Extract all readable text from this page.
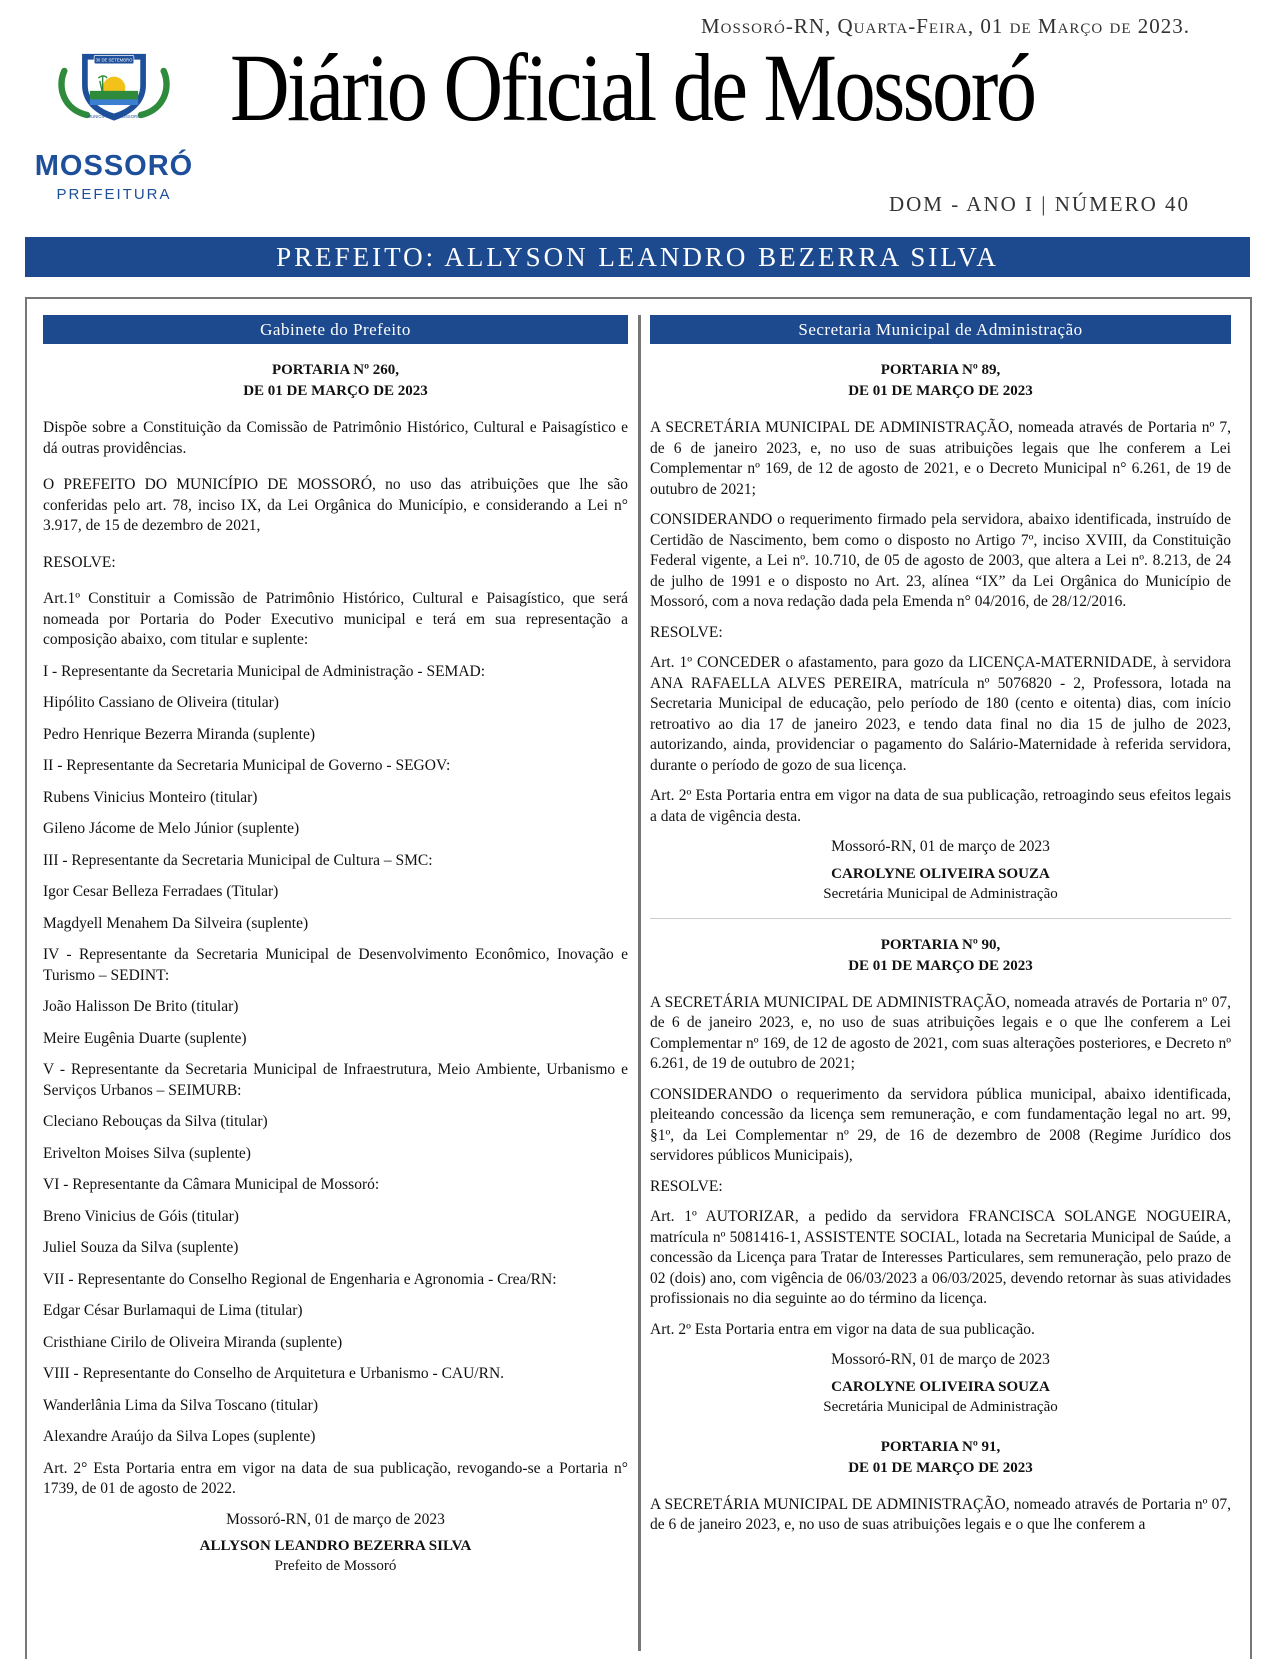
Mossoró-RN, Quarta-Feira, 01 de Março de 2023.
30 DE SETEMBRO
MUNICÍPIO DE MOSSORÓ
MOSSORÓ
PREFEITURA
Diário Oficial de Mossoró
DOM - ANO I | NÚMERO 40
PREFEITO: ALLYSON LEANDRO BEZERRA SILVA
Gabinete do Prefeito
PORTARIA Nº 260,
DE 01 DE MARÇO DE 2023

Dispõe sobre a Constituição da Comissão de Patrimônio Histórico, Cultural e Paisagístico e dá outras providências.

O PREFEITO DO MUNICÍPIO DE MOSSORÓ, no uso das atribuições que lhe são conferidas pelo art. 78, inciso IX, da Lei Orgânica do Município, e considerando a Lei n° 3.917, de 15 de dezembro de 2021,

RESOLVE:

Art.1º Constituir a Comissão de Patrimônio Histórico, Cultural e Paisagístico, que será nomeada por Portaria do Poder Executivo municipal e terá em sua representação a composição abaixo, com titular e suplente:

I - Representante da Secretaria Municipal de Administração - SEMAD:

Hipólito Cassiano de Oliveira (titular)

Pedro Henrique Bezerra Miranda (suplente)

II - Representante da Secretaria Municipal de Governo - SEGOV:

Rubens Vinicius Monteiro (titular)

Gileno Jácome de Melo Júnior (suplente)

III - Representante da Secretaria Municipal de Cultura – SMC:

Igor Cesar Belleza Ferradaes (Titular)

Magdyell Menahem Da Silveira (suplente)

IV - Representante da Secretaria Municipal de Desenvolvimento Econômico, Inovação e Turismo – SEDINT:

João Halisson De Brito (titular)

Meire Eugênia Duarte (suplente)

V - Representante da Secretaria Municipal de Infraestrutura, Meio Ambiente, Urbanismo e Serviços Urbanos – SEIMURB:

Cleciano Rebouças da Silva (titular)

Erivelton Moises Silva (suplente)

VI - Representante da Câmara Municipal de Mossoró:

Breno Vinicius de Góis (titular)

Juliel Souza da Silva (suplente)

VII - Representante do Conselho Regional de Engenharia e Agronomia - Crea/RN:

Edgar César Burlamaqui de Lima (titular)

Cristhiane Cirilo de Oliveira Miranda (suplente)

VIII - Representante do Conselho de Arquitetura e Urbanismo - CAU/RN.

Wanderlânia Lima da Silva Toscano (titular)

Alexandre Araújo da Silva Lopes (suplente)

Art. 2° Esta Portaria entra em vigor na data de sua publicação, revogando-se a Portaria n° 1739, de 01 de agosto de 2022.

Mossoró-RN, 01 de março de 2023

ALLYSON LEANDRO BEZERRA SILVA

Prefeito de Mossoró

Secretaria Municipal de Administração
PORTARIA Nº 89,
DE 01 DE MARÇO DE 2023

A SECRETÁRIA MUNICIPAL DE ADMINISTRAÇÃO, nomeada através de Portaria nº 7, de 6 de janeiro 2023, e, no uso de suas atribuições legais que lhe conferem a Lei Complementar nº 169, de 12 de agosto de 2021, e o Decreto Municipal n° 6.261, de 19 de outubro de 2021;

CONSIDERANDO o requerimento firmado pela servidora, abaixo identificada, instruído de Certidão de Nascimento, bem como o disposto no Artigo 7º, inciso XVIII, da Constituição Federal vigente, a Lei nº. 10.710, de 05 de agosto de 2003, que altera a Lei nº. 8.213, de 24 de julho de 1991 e o disposto no Art. 23, alínea “IX” da Lei Orgânica do Município de Mossoró, com a nova redação dada pela Emenda n° 04/2016, de 28/12/2016.

RESOLVE:

Art. 1º CONCEDER o afastamento, para gozo da LICENÇA-MATERNIDADE, à servidora ANA RAFAELLA ALVES PEREIRA, matrícula nº 5076820 - 2, Professora, lotada na Secretaria Municipal de educação, pelo período de 180 (cento e oitenta) dias, com início retroativo ao dia 17 de janeiro 2023, e tendo data final no dia 15 de julho de 2023, autorizando, ainda, providenciar o pagamento do Salário-Maternidade à referida servidora, durante o período de gozo de sua licença.

Art. 2º Esta Portaria entra em vigor na data de sua publicação, retroagindo seus efeitos legais a data de vigência desta.

Mossoró-RN, 01 de março de 2023

CAROLYNE OLIVEIRA SOUZA

Secretária Municipal de Administração

PORTARIA Nº 90,
DE 01 DE MARÇO DE 2023

A SECRETÁRIA MUNICIPAL DE ADMINISTRAÇÃO, nomeada através de Portaria nº 07, de 6 de janeiro 2023, e, no uso de suas atribuições legais e o que lhe conferem a Lei Complementar nº 169, de 12 de agosto de 2021, com suas alterações posteriores, e Decreto nº 6.261, de 19 de outubro de 2021;

CONSIDERANDO o requerimento da servidora pública municipal, abaixo identificada, pleiteando concessão da licença sem remuneração, e com fundamentação legal no art. 99, §1º, da Lei Complementar nº 29, de 16 de dezembro de 2008 (Regime Jurídico dos servidores públicos Municipais),

RESOLVE:

Art. 1º AUTORIZAR, a pedido da servidora FRANCISCA SOLANGE NOGUEIRA, matrícula nº 5081416-1, ASSISTENTE SOCIAL, lotada na Secretaria Municipal de Saúde, a concessão da Licença para Tratar de Interesses Particulares, sem remuneração, pelo prazo de 02 (dois) ano, com vigência de 06/03/2023 a 06/03/2025, devendo retornar às suas atividades profissionais no dia seguinte ao do término da licença.

Art. 2º Esta Portaria entra em vigor na data de sua publicação.

Mossoró-RN, 01 de março de 2023

CAROLYNE OLIVEIRA SOUZA

Secretária Municipal de Administração

PORTARIA Nº 91,
DE 01 DE MARÇO DE 2023

A SECRETÁRIA MUNICIPAL DE ADMINISTRAÇÃO, nomeado através de Portaria nº 07, de 6 de janeiro 2023, e, no uso de suas atribuições legais e o que lhe conferem a
